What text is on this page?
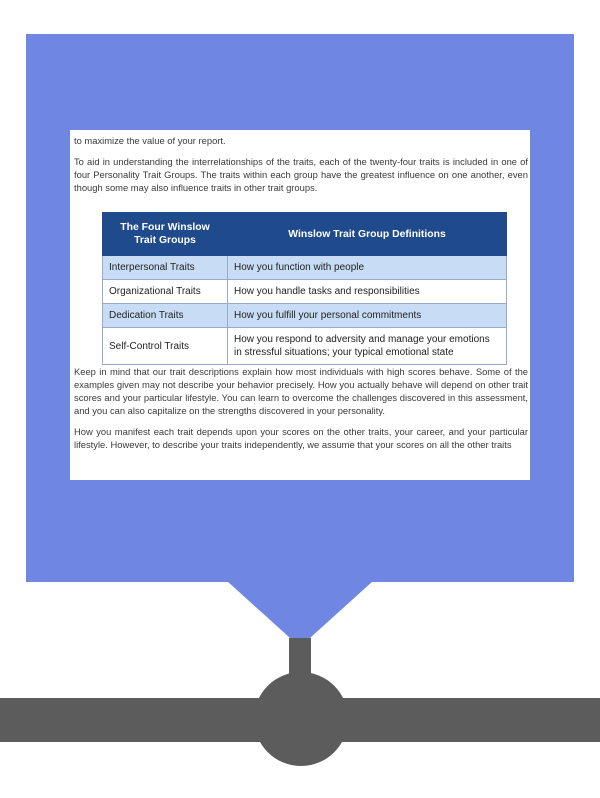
to maximize the value of your report.

To aid in understanding the interrelationships of the traits, each of the twenty-four traits is included in one of four Personality Trait Groups. The traits within each group have the greatest influence on one another, even though some may also influence traits in other trait groups.

The Four Winslow Trait Groups	Winslow Trait Group Definitions
Interpersonal Traits	How you function with people
Organizational Traits	How you handle tasks and responsibilities
Dedication Traits	How you fulfill your personal commitments
Self-Control Traits	How you respond to adversity and manage your emotions in stressful situations; your typical emotional state

Keep in mind that our trait descriptions explain how most individuals with high scores behave. Some of the examples given may not describe your behavior precisely. How you actually behave will depend on other trait scores and your particular lifestyle. You can learn to overcome the challenges discovered in this assessment, and you can also capitalize on the strengths discovered in your personality.

How you manifest each trait depends upon your scores on the other traits, your career, and your particular lifestyle. However, to describe your traits independently, we assume that your scores on all the other traits
